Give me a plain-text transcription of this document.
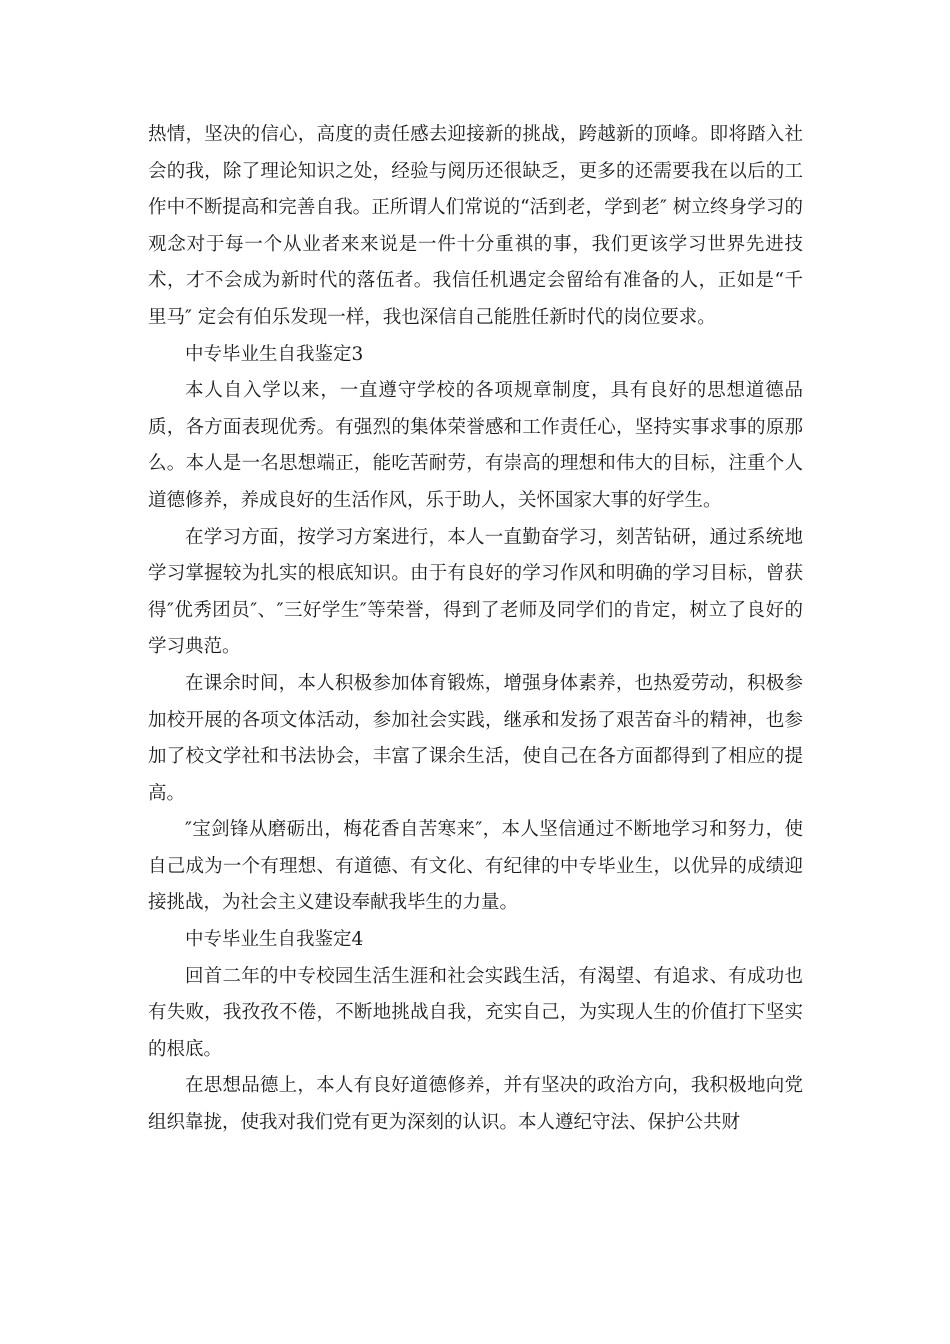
热情，坚决的信心，高度的责任感去迎接新的挑战，跨越新的顶峰。即将踏入社会的我，除了理论知识之处，经验与阅历还很缺乏，更多的还需要我在以后的工作中不断提高和完善自我。正所谓人们常说的“活到老，学到老″ 树立终身学习的观念对于每一个从业者来来说是一件十分重祺的事，我们更该学习世界先进技术，才不会成为新时代的落伍者。我信任机遇定会留给有准备的人，正如是“千里马″ 定会有伯乐发现一样，我也深信自己能胜任新时代的岗位要求。

中专毕业生自我鉴定3

本人自入学以来，一直遵守学校的各项规章制度，具有良好的思想道德品质，各方面表现优秀。有强烈的集体荣誉感和工作责任心，坚持实事求事的原那么。本人是一名思想端正，能吃苦耐劳，有崇高的理想和伟大的目标，注重个人道德修养，养成良好的生活作风，乐于助人，关怀国家大事的好学生。

在学习方面，按学习方案进行，本人一直勤奋学习，刻苦钻研，通过系统地学习掌握较为扎实的根底知识。由于有良好的学习作风和明确的学习目标，曾获得″优秀团员″、″三好学生″等荣誉，得到了老师及同学们的肯定，树立了良好的学习典范。

在课余时间，本人积极参加体育锻炼，增强身体素养，也热爱劳动，积极参加校开展的各项文体活动，参加社会实践，继承和发扬了艰苦奋斗的精神，也参加了校文学社和书法协会，丰富了课余生活，使自己在各方面都得到了相应的提高。

″宝剑锋从磨砺出，梅花香自苦寒来″，本人坚信通过不断地学习和努力，使自己成为一个有理想、有道德、有文化、有纪律的中专毕业生，以优异的成绩迎接挑战，为社会主义建设奉献我毕生的力量。

中专毕业生自我鉴定4

回首二年的中专校园生活生涯和社会实践生活，有渴望、有追求、有成功也有失败，我孜孜不倦，不断地挑战自我，充实自己，为实现人生的价值打下坚实的根底。

在思想品德上，本人有良好道德修养，并有坚决的政治方向，我积极地向党组织靠拢，使我对我们党有更为深刻的认识。本人遵纪守法、保护公共财
